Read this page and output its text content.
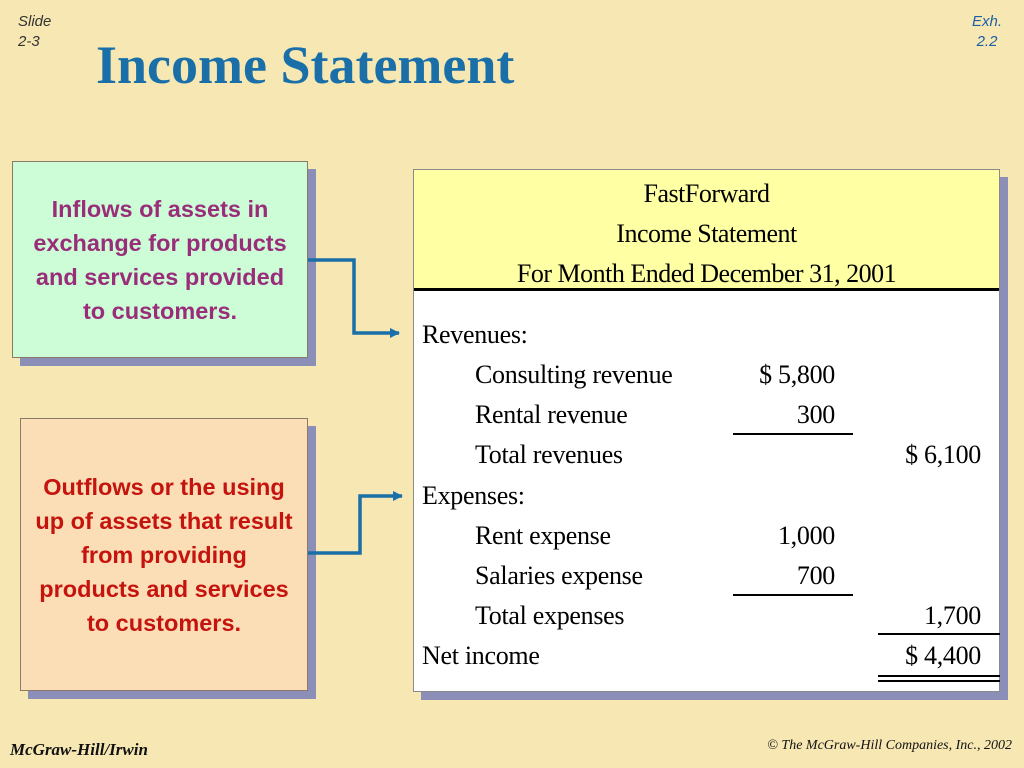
Slide
2-3
Exh.
2.2
Income Statement
Inflows of assets in exchange for products and services provided to customers.
Outflows or the using up of assets that result from providing products and services to customers.
FastForward
Income Statement
For Month Ended December 31, 2001
Revenues:
Consulting revenue	$ 5,800
Rental revenue	300
Total revenues	$ 6,100
Expenses:
Rent expense	1,000
Salaries expense	700
Total expenses	1,700
Net income	$ 4,400
McGraw-Hill/Irwin	© The McGraw-Hill Companies, Inc., 2002
